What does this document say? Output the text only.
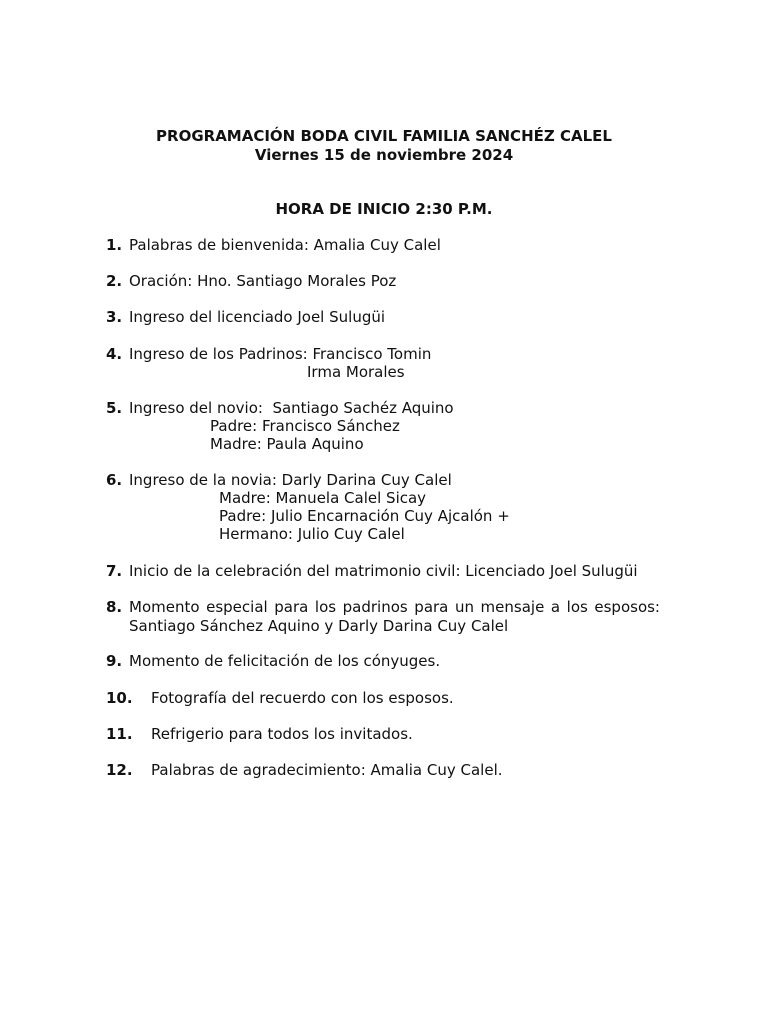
PROGRAMACIÓN BODA CIVIL FAMILIA SANCHÉZ CALEL
Viernes 15 de noviembre 2024
HORA DE INICIO 2:30 P.M.
1. Palabras de bienvenida: Amalia Cuy Calel
2. Oración: Hno. Santiago Morales Poz
3. Ingreso del licenciado Joel Sulugüi
4. Ingreso de los Padrinos: Francisco Tomin
Irma Morales
5. Ingreso del novio:  Santiago Sachéz Aquino
Padre: Francisco Sánchez
Madre: Paula Aquino
6. Ingreso de la novia: Darly Darina Cuy Calel
Madre: Manuela Calel Sicay
Padre: Julio Encarnación Cuy Ajcalón +
Hermano: Julio Cuy Calel
7. Inicio de la celebración del matrimonio civil: Licenciado Joel Sulugüi
8. Momento especial para los padrinos para un mensaje a los esposos:
Santiago Sánchez Aquino y Darly Darina Cuy Calel
9. Momento de felicitación de los cónyuges.
10. Fotografía del recuerdo con los esposos.
11. Refrigerio para todos los invitados.
12. Palabras de agradecimiento: Amalia Cuy Calel.
